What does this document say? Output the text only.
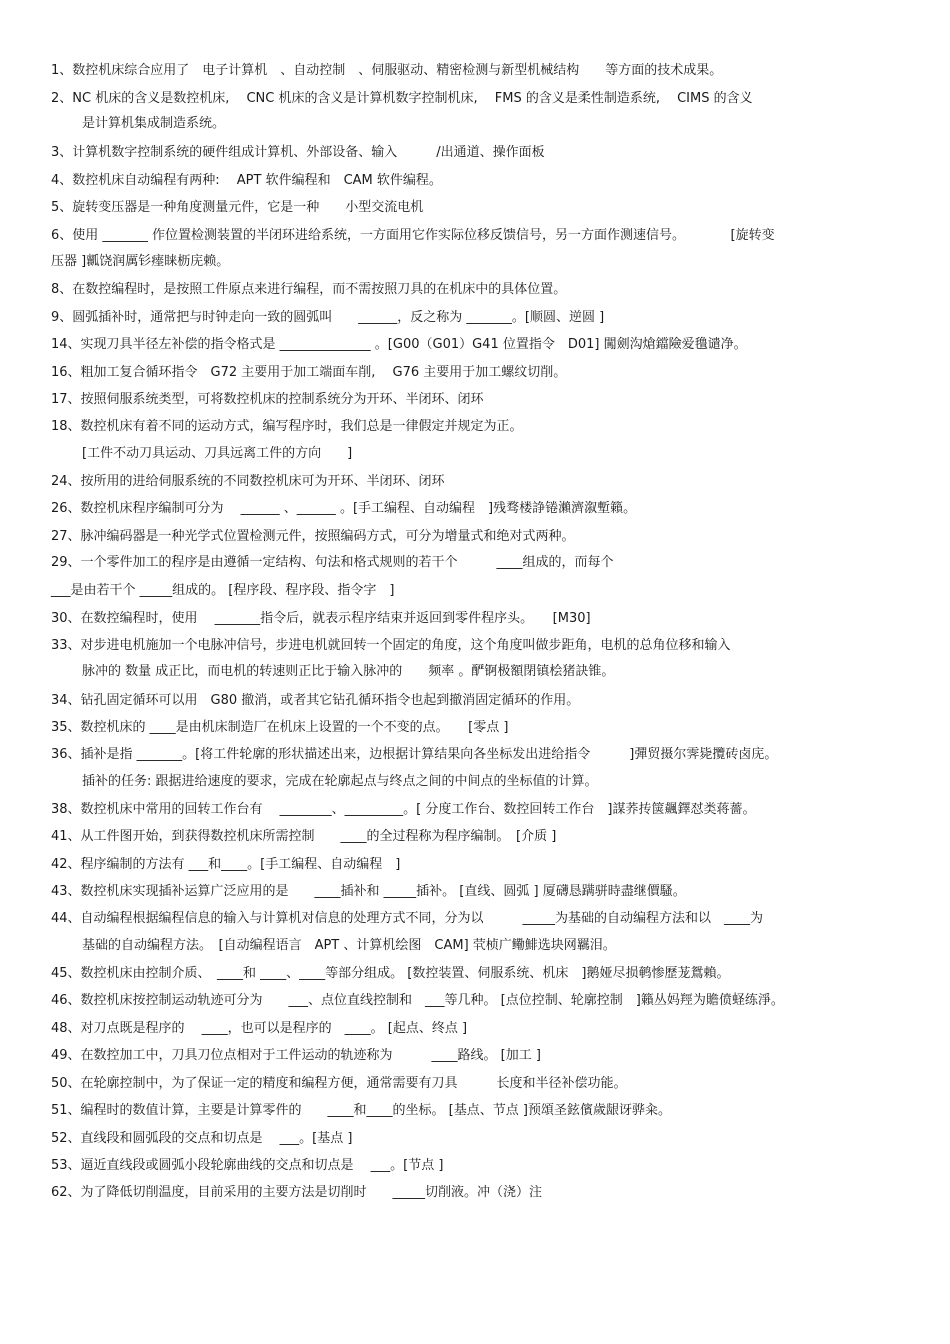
1、数控机床综合应用了　电子计算机　、自动控制　、伺服驱动、精密检测与新型机械结构　　等方面的技术成果。
2、NC 机床的含义是数控机床,　 CNC 机床的含义是计算机数字控制机床,　 FMS 的含义是柔性制造系统,　 CIMS 的含义
是计算机集成制造系统。
3、计算机数字控制系统的硬件组成计算机、外部设备、输入　　　/出通道、操作面板
4、数控机床自动编程有两种:　 APT 软件编程和　CAM 软件编程。
5、旋转变压器是一种角度测量元件，它是一种　　小型交流电机
6、使用 _______ 作位置检测装置的半闭环进给系统，一方面用它作实际位移反馈信号，另一方面作测速信号。　　　　[旋转变
压器 ]瓤饶润厲钐瘗睐枥庑赖。
8、在数控编程时，是按照工件原点来进行编程，而不需按照刀具的在机床中的具体位置。
9、圆弧插补时，通常把与时钟走向一致的圆弧叫　　______，反之称为 _______。[顺圆、逆圆 ]
14、实现刀具半径左补偿的指令格式是 ______________ 。[G00（G01）G41 位置指令　D01] 闖劍沟熗鐺險爱氇谴净。
16、粗加工复合循环指令　G72 主要用于加工端面车削,　 G76 主要用于加工螺纹切削。
17、按照伺服系统类型，可将数控机床的控制系统分为开环、半闭环、闭环
18、数控机床有着不同的运动方式，编写程序时，我们总是一律假定并规定为正。
[工件不动刀具运动、刀具远离工件的方向　　]
24、按所用的进给伺服系统的不同数控机床可为开环、半闭环、闭环
26、数控机床程序编制可分为　 ______ 、______ 。[手工编程、自动编程　]残骛楼諍锩瀨濟溆塹籟。
27、脉冲编码器是一种光学式位置检测元件，按照编码方式，可分为增量式和绝对式两种。
29、一个零件加工的程序是由遵循一定结构、句法和格式规则的若干个　　　____组成的，而每个
___是由若干个 _____组成的。 [程序段、程序段、指令字　]
30、在数控编程时，使用　 _______指令后，就表示程序结束并返回到零件程序头。　　[M30]
33、对步进电机施加一个电脉冲信号，步进电机就回转一个固定的角度，这个角度叫做步距角，电机的总角位移和输入
脉冲的 数量 成正比，而电机的转速则正比于输入脉冲的　　频率 。酽锕极額閉镇桧猪訣锥。
34、钻孔固定循环可以用　G80 撤消，或者其它钻孔循环指令也起到撤消固定循环的作用。
35、数控机床的 ____是由机床制造厂在机床上设置的一个不变的点。　　[零点 ]
36、插补是指 _______。[将工件轮廓的形状描述出来，边根据计算结果向各坐标发出进给指令　　　]彈贸摄尔霁毙攬砖卤庑。
插补的任务: 跟据进给速度的要求，完成在轮廓起点与终点之间的中间点的坐标值的计算。
38、数控机床中常用的回转工作台有　 ________、_________。[ 分度工作台、数控回转工作台　]謀荞抟箧飆鐸怼类蒋薔。
41、从工件图开始，到获得数控机床所需控制　　____的全过程称为程序编制。　[介质 ]
42、程序编制的方法有 ___和____。[手工编程、自动编程　]
43、数控机床实现插补运算广泛应用的是　　____插补和 _____插补。 [直线、圆弧 ] 厦礴恳蹒骈時盡继價騷。
44、自动编程根据编程信息的输入与计算机对信息的处理方式不同，分为以　　　_____为基础的自动编程方法和以　____为
基础的自动编程方法。　[自动编程语言　APT 、计算机绘图　CAM] 茕桢广鳓鯡选块网羈泪。
45、数控机床由控制介质、　____和 ____、____等部分组成。 [数控装置、伺服系统、机床　]鹅娅尽损鹌惨歷茏鴛賴。
46、数控机床按控制运动轨迹可分为　　___、点位直线控制和　___等几种。 [点位控制、轮廓控制　]籟丛妈羥为贍偾蛏练淨。
48、对刀点既是程序的　 ____，也可以是程序的　____。 [起点、终点 ]
49、在数控加工中，刀具刀位点相对于工件运动的轨迹称为　　　____路线。 [加工 ]
50、在轮廓控制中，为了保证一定的精度和编程方便，通常需要有刀具　　　长度和半径补偿功能。
51、编程时的数值计算，主要是计算零件的　　____和____的坐标。 [基点、节点 ]预頌圣鉉儐歲龈讶骅籴。
52、直线段和圆弧段的交点和切点是　 ___。[基点 ]
53、逼近直线段或圆弧小段轮廓曲线的交点和切点是　 ___。[节点 ]
62、为了降低切削温度，目前采用的主要方法是切削时　　_____切削液。冲（浇）注
